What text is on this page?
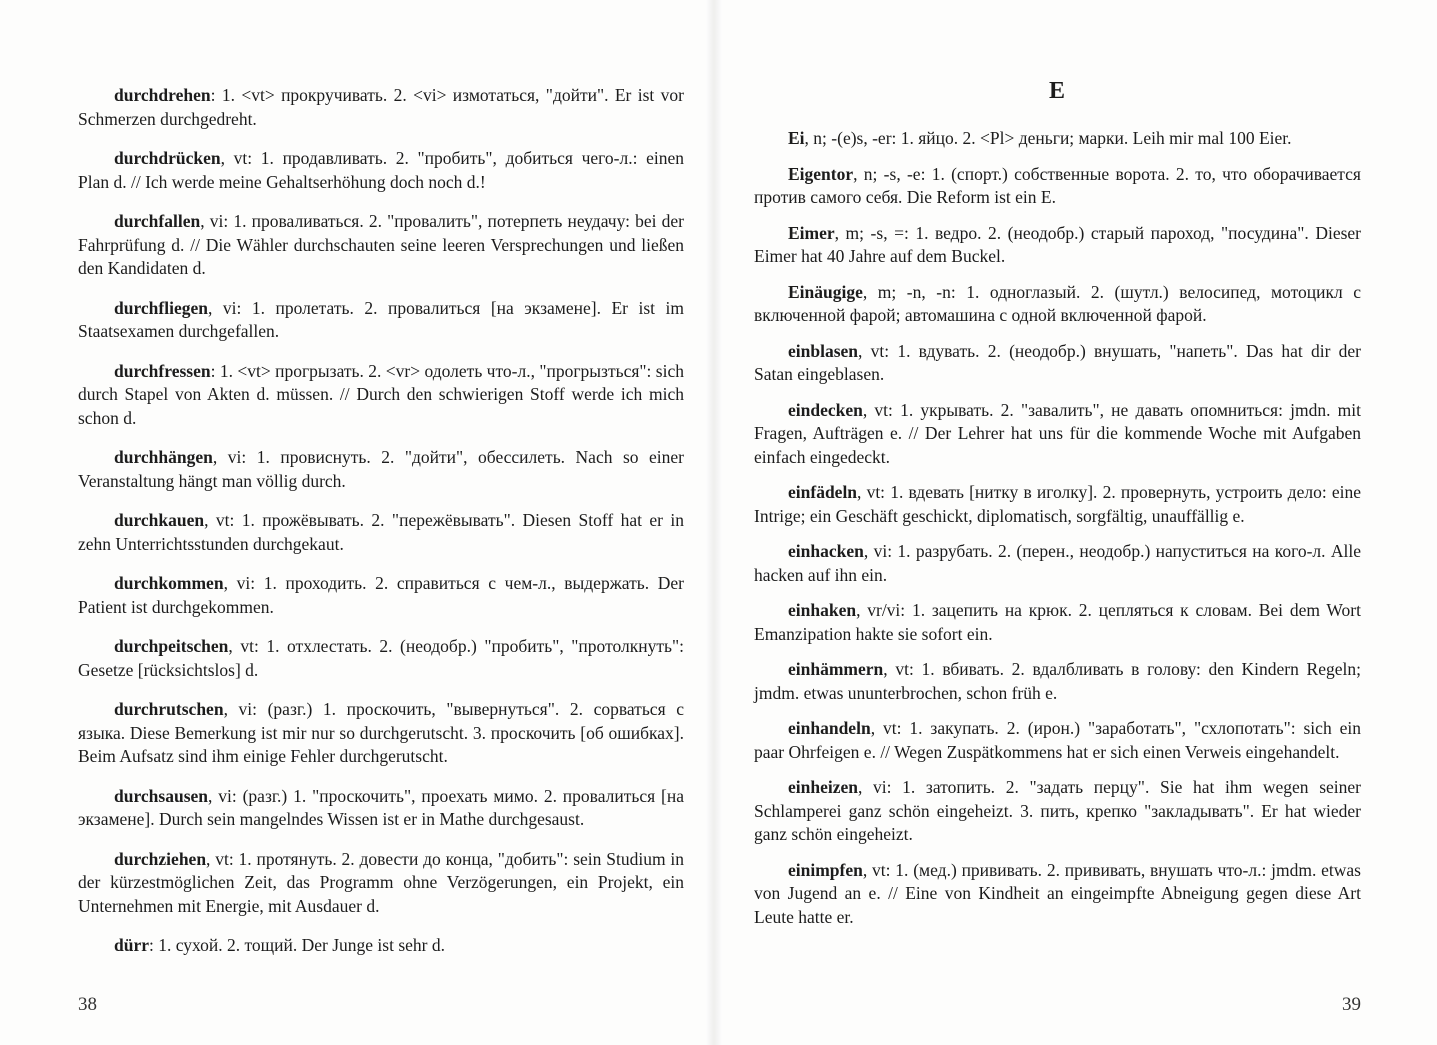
durchdrehen: 1. <vt> прокручивать. 2. <vi> измотаться, "дойти". Er ist vor Schmerzen durchgedreht.

durchdrücken, vt: 1. продавливать. 2. "пробить", добиться чего-л.: einen Plan d. // Ich werde meine Gehaltserhöhung doch noch d.!

durchfallen, vi: 1. проваливаться. 2. "провалить", потерпеть неудачу: bei der Fahrprüfung d. // Die Wähler durchschauten seine leeren Versprechungen und ließen den Kandidaten d.

durchfliegen, vi: 1. пролетать. 2. провалиться [на экзамене]. Er ist im Staatsexamen durchgefallen.

durchfressen: 1. <vt> прогрызать. 2. <vr> одолеть что-л., "прогрызться": sich durch Stapel von Akten d. müssen. // Durch den schwierigen Stoff werde ich mich schon d.

durchhängen, vi: 1. провиснуть. 2. "дойти", обессилеть. Nach so einer Veranstaltung hängt man völlig durch.

durchkauen, vt: 1. прожёвывать. 2. "пережёвывать". Diesen Stoff hat er in zehn Unterrichtsstunden durchgekaut.

durchkommen, vi: 1. проходить. 2. справиться с чем-л., выдержать. Der Patient ist durchgekommen.

durchpeitschen, vt: 1. отхлестать. 2. (неодобр.) "пробить", "протолкнуть": Gesetze [rücksichtslos] d.

durchrutschen, vi: (разг.) 1. проскочить, "вывернуться". 2. сорваться с языка. Diese Bemerkung ist mir nur so durchgerutscht. 3. проскочить [об ошибках]. Beim Aufsatz sind ihm einige Fehler durchgerutscht.

durchsausen, vi: (разг.) 1. "проскочить", проехать мимо. 2. провалиться [на экзамене]. Durch sein mangelndes Wissen ist er in Mathe durchgesaust.

durchziehen, vt: 1. протянуть. 2. довести до конца, "добить": sein Studium in der kürzestmöglichen Zeit, das Programm ohne Verzögerungen, ein Projekt, ein Unternehmen mit Energie, mit Ausdauer d.

dürr: 1. сухой. 2. тощий. Der Junge ist sehr d.

38
E

Ei, n; -(e)s, -er: 1. яйцо. 2. <Pl> деньги; марки. Leih mir mal 100 Eier.

Eigentor, n; -s, -e: 1. (спорт.) собственные ворота. 2. то, что оборачивается против самого себя. Die Reform ist ein E.

Eimer, m; -s, =: 1. ведро. 2. (неодобр.) старый пароход, "посудина". Dieser Eimer hat 40 Jahre auf dem Buckel.

Einäugige, m; -n, -n: 1. одноглазый. 2. (шутл.) велосипед, мотоцикл с включенной фарой; автомашина с одной включенной фарой.

einblasen, vt: 1. вдувать. 2. (неодобр.) внушать, "напеть". Das hat dir der Satan eingeblasen.

eindecken, vt: 1. укрывать. 2. "завалить", не давать опомниться: jmdn. mit Fragen, Aufträgen e. // Der Lehrer hat uns für die kommende Woche mit Aufgaben einfach eingedeckt.

einfädeln, vt: 1. вдевать [нитку в иголку]. 2. провернуть, устроить дело: eine Intrige; ein Geschäft geschickt, diplomatisch, sorgfältig, unauffällig e.

einhacken, vi: 1. разрубать. 2. (перен., неодобр.) напуститься на кого-л. Alle hacken auf ihn ein.

einhaken, vr/vi: 1. зацепить на крюк. 2. цепляться к словам. Bei dem Wort Emanzipation hakte sie sofort ein.

einhämmern, vt: 1. вбивать. 2. вдалбливать в голову: den Kindern Regeln; jmdm. etwas ununterbrochen, schon früh e.

einhandeln, vt: 1. закупать. 2. (ирон.) "заработать", "схлопотать": sich ein paar Ohrfeigen e. // Wegen Zuspätkommens hat er sich einen Verweis eingehandelt.

einheizen, vi: 1. затопить. 2. "задать перцу". Sie hat ihm wegen seiner Schlamperei ganz schön eingeheizt. 3. пить, крепко "закладывать". Er hat wieder ganz schön eingeheizt.

einimpfen, vt: 1. (мед.) прививать. 2. прививать, внушать что-л.: jmdm. etwas von Jugend an e. // Eine von Kindheit an eingeimpfte Abneigung gegen diese Art Leute hatte er.

39
